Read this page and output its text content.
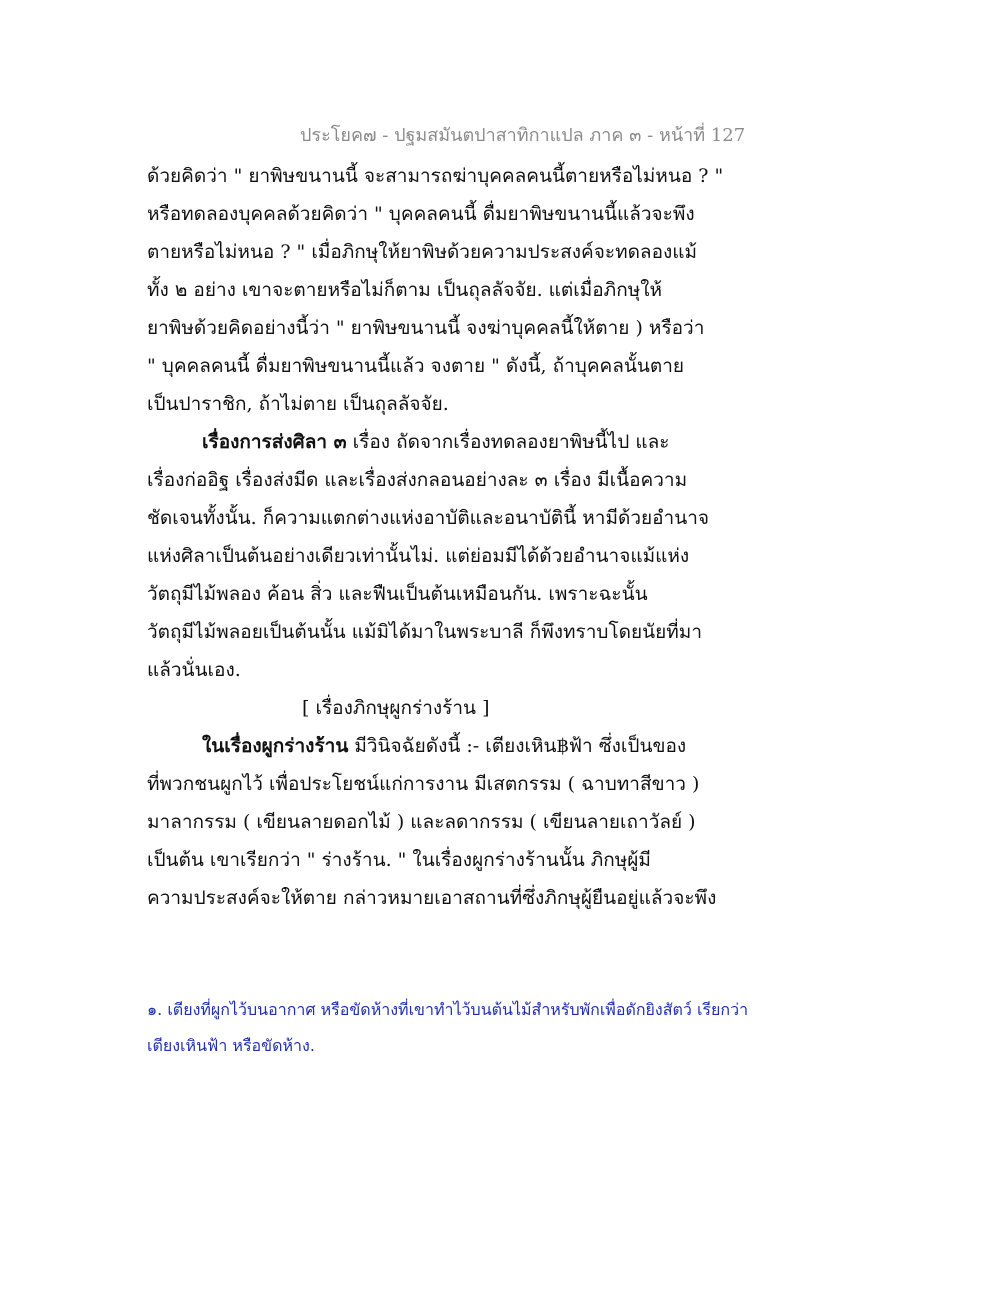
ประโยค๗ - ปฐมสมันตปาสาทิกาแปล ภาค ๓ - หน้าที่ 127
ด้วยคิดว่า " ยาพิษขนานนี้ จะสามารถฆ่าบุคคลคนนี้ตายหรือไม่หนอ ? "
หรือทดลองบุคคลด้วยคิดว่า " บุคคลคนนี้ ดื่มยาพิษขนานนี้แล้วจะพึง
ตายหรือไม่หนอ ? " เมื่อภิกษุให้ยาพิษด้วยความประสงค์จะทดลองแม้
ทั้ง ๒ อย่าง เขาจะตายหรือไม่ก็ตาม เป็นถุลลัจจัย. แต่เมื่อภิกษุให้
ยาพิษด้วยคิดอย่างนี้ว่า " ยาพิษขนานนี้ จงฆ่าบุคคลนี้ให้ตาย ) หรือว่า
" บุคคลคนนี้ ดื่มยาพิษขนานนี้แล้ว จงตาย " ดังนี้, ถ้าบุคคลนั้นตาย
เป็นปาราชิก, ถ้าไม่ตาย เป็นถุลลัจจัย.
เรื่องการส่งศิลา ๓ เรื่อง ถัดจากเรื่องทดลองยาพิษนี้ไป และ
เรื่องก่ออิฐ เรื่องส่งมีด และเรื่องส่งกลอนอย่างละ ๓ เรื่อง มีเนื้อความ
ชัดเจนทั้งนั้น. ก็ความแตกต่างแห่งอาบัติและอนาบัตินี้ หามีด้วยอำนาจ
แห่งศิลาเป็นต้นอย่างเดียวเท่านั้นไม่. แต่ย่อมมีได้ด้วยอำนาจแม้แห่ง
วัตถุมีไม้พลอง ค้อน สิ่ว และฟืนเป็นต้นเหมือนกัน. เพราะฉะนั้น
วัตถุมีไม้พลอยเป็นต้นนั้น แม้มิได้มาในพระบาลี ก็พึงทราบโดยนัยที่มา
แล้วนั่นเอง.
[ เรื่องภิกษุผูกร่างร้าน ]
ในเรื่องผูกร่างร้าน มีวินิจฉัยดังนี้ :- เตียงเหิน฿ฟ้า ซึ่งเป็นของ
ที่พวกชนผูกไว้ เพื่อประโยชน์แก่การงาน มีเสตกรรม ( ฉาบทาสีขาว )
มาลากรรม ( เขียนลายดอกไม้ ) และลดากรรม ( เขียนลายเถาวัลย์ )
เป็นต้น เขาเรียกว่า " ร่างร้าน. " ในเรื่องผูกร่างร้านนั้น ภิกษุผู้มี
ความประสงค์จะให้ตาย กล่าวหมายเอาสถานที่ซึ่งภิกษุผู้ยืนอยู่แล้วจะพึง
๑. เตียงที่ผูกไว้บนอากาศ หรือขัดห้างที่เขาทำไว้บนต้นไม้สำหรับพักเพื่อดักยิงสัตว์ เรียกว่า
เตียงเหินฟ้า หรือขัดห้าง.
